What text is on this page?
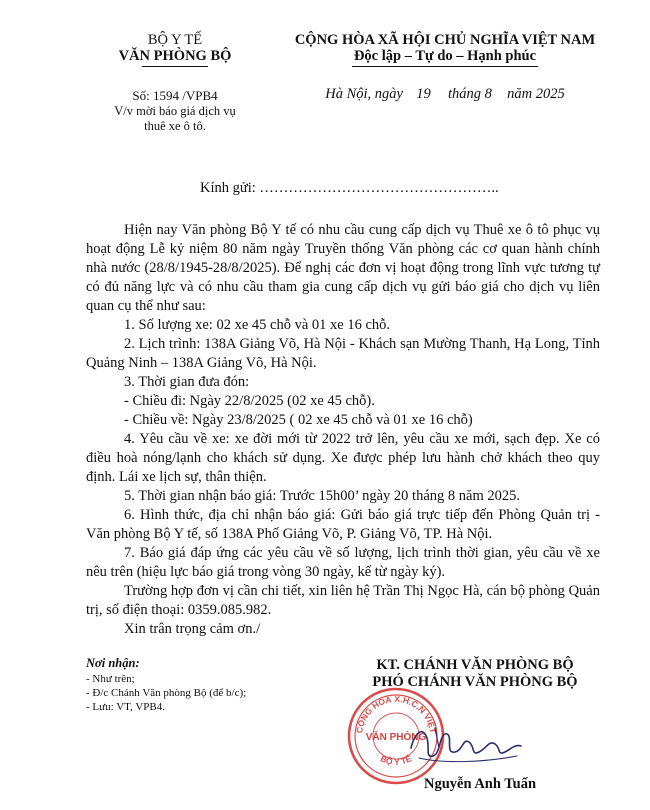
BỘ Y TẾ
VĂN PHÒNG BỘ
Số: 1594 /VPB4
V/v mời báo giá dịch vụ
thuê xe ô tô.
CỘNG HÒA XÃ HỘI CHỦ NGHĨA VIỆT NAM
Độc lập – Tự do – Hạnh phúc
Hà Nội, ngày 19 tháng 8 năm 2025
Kính gửi: …………………………………………..
Hiện nay Văn phòng Bộ Y tế có nhu cầu cung cấp dịch vụ Thuê xe ô tô phục vụ hoạt động Lễ kỷ niệm 80 năm ngày Truyền thống Văn phòng các cơ quan hành chính nhà nước (28/8/1945-28/8/2025). Để nghị các đơn vị hoạt động trong lĩnh vực tương tự có đủ năng lực và có nhu cầu tham gia cung cấp dịch vụ gửi báo giá cho dịch vụ liên quan cụ thể như sau:
1. Số lượng xe: 02 xe 45 chỗ và 01 xe 16 chỗ.
2. Lịch trình: 138A Giảng Võ, Hà Nội - Khách sạn Mường Thanh, Hạ Long, Tỉnh Quảng Ninh – 138A Giảng Võ, Hà Nội.
3. Thời gian đưa đón:
- Chiều đi: Ngày 22/8/2025 (02 xe 45 chỗ).
- Chiều về: Ngày 23/8/2025 ( 02 xe 45 chỗ và 01 xe 16 chỗ)
4. Yêu cầu về xe: xe đời mới từ 2022 trở lên, yêu cầu xe mới, sạch đẹp. Xe có điều hoà nóng/lạnh cho khách sử dụng. Xe được phép lưu hành chở khách theo quy định. Lái xe lịch sự, thân thiện.
5. Thời gian nhận báo giá: Trước 15h00’ ngày 20 tháng 8 năm 2025.
6. Hình thức, địa chỉ nhận báo giá: Gửi báo giá trực tiếp đến Phòng Quản trị - Văn phòng Bộ Y tế, số 138A Phố Giảng Võ, P. Giảng Võ, TP. Hà Nội.
7. Báo giá đáp ứng các yêu cầu về số lượng, lịch trình thời gian, yêu cầu về xe nêu trên (hiệu lực báo giá trong vòng 30 ngày, kể từ ngày ký).
Trường hợp đơn vị cần chi tiết, xin liên hệ Trần Thị Ngọc Hà, cán bộ phòng Quản trị, số điện thoại: 0359.085.982.
Xin trân trọng cảm ơn./
Nơi nhận:
- Như trên;
- Đ/c Chánh Văn phòng Bộ (để b/c);
- Lưu: VT, VPB4.
KT. CHÁNH VĂN PHÒNG BỘ
PHÓ CHÁNH VĂN PHÒNG BỘ
CỘNG HOÀ X.H.C.N VIỆT
VĂN PHÒNG
BỘ Y TẾ
Nguyễn Anh Tuấn
